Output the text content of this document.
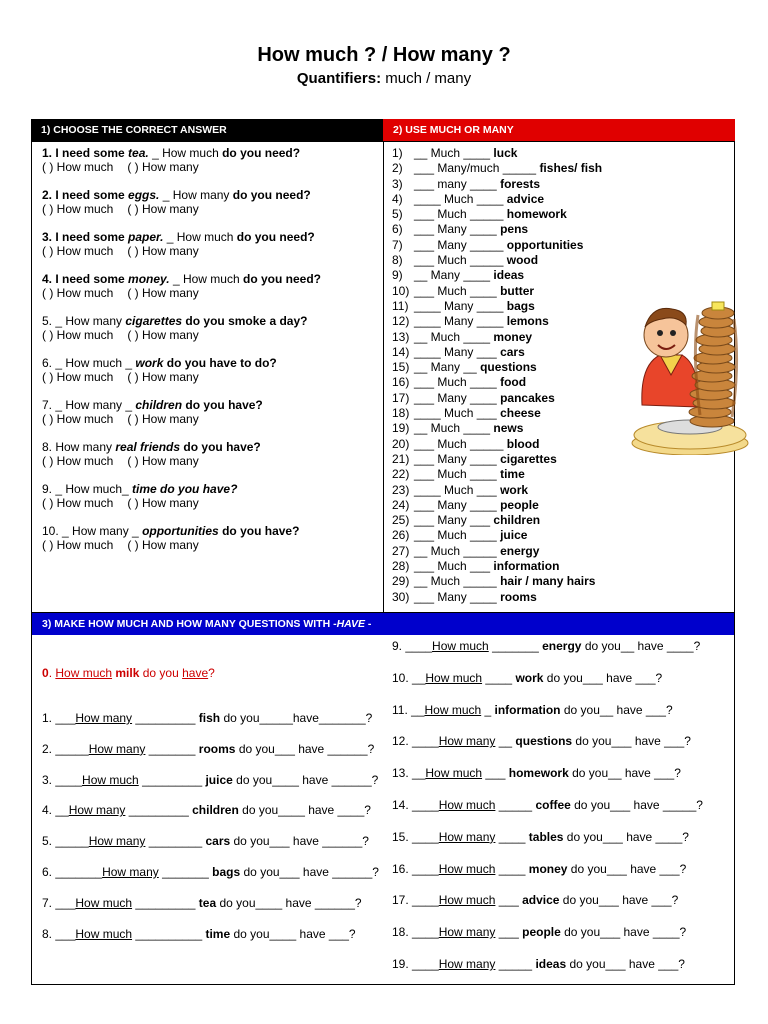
How much ? / How many ?
Quantifiers: much / many
1) CHOOSE THE CORRECT ANSWER	2) USE MUCH OR MANY
3) MAKE HOW MUCH AND HOW MANY QUESTIONS WITH -HAVE -
1. I need some tea. _ How much do you need?
( ) How much ( ) How many
2. I need some eggs. _ How many do you need?
( ) How much ( ) How many
3. I need some paper. _ How much do you need?
( ) How much ( ) How many
4. I need some money. _ How much do you need?
( ) How much ( ) How many
5. _ How many cigarettes do you smoke a day?
( ) How much ( ) How many
6. _ How much _ work do you have to do?
( ) How much ( ) How many
7. _ How many _ children do you have?
( ) How much ( ) How many
8. How many real friends do you have?
( ) How much ( ) How many
9. _ How much_ time do you have?
( ) How much ( ) How many
10. _ How many _ opportunities do you have?
( ) How much ( ) How many
1) __ Much ____ luck
2) ___ Many/much _____ fishes/ fish
3) ___ many ____ forests
4) ____ Much ____ advice
5) ___ Much _____ homework
6) ___ Many ____ pens
7) ___ Many _____ opportunities
8) ___ Much _____ wood
9) __ Many ____ ideas
10) ___ Much ____ butter
11) ____ Many ____ bags
12) ____ Many ____ lemons
13) __ Much ____ money
14) ____ Many ___ cars
15) __ Many __ questions
16) ___ Much ____ food
17) ___ Many ____ pancakes
18) ____ Much ___ cheese
19) __ Much ____ news
20) ___ Much _____ blood
21) ___ Many ____ cigarettes
22) ___ Much ____ time
23) ____ Much ___ work
24) ___ Many ____ people
25) ___ Many ___ children
26) ___ Much ____ juice
27) __ Much _____ energy
28) ___ Much ___ information
29) __ Much _____ hair / many hairs
30) ___ Many ____ rooms
0. How much milk do you have?
1. ___How many _________ fish do you_____have_______?
2. _____How many _______ rooms do you___ have ______?
3. ____How much _________ juice do you____ have ______?
4. __How many _________ children do you____ have ____?
5. _____How many ________ cars do you___ have ______?
6. _______How many _______ bags do you___ have ______?
7. ___How much _________ tea do you____ have ______?
8. ___How much __________ time do you____ have ___?
9. ____How much _______ energy do you__ have ____?
10. __How much ____ work do you___ have ___?
11. __How much _ information do you__ have ___?
12. ____How many __ questions do you___ have ___?
13. __How much ___ homework do you__ have ___?
14. ____How much _____ coffee do you___ have _____?
15. ____How many ____ tables do you___ have ____?
16. ____How much ____ money do you___ have ___?
17. ____How much ___ advice do you___ have ___?
18. ____How many ___ people do you___ have ____?
19. ____How many _____ ideas do you___ have ___?
